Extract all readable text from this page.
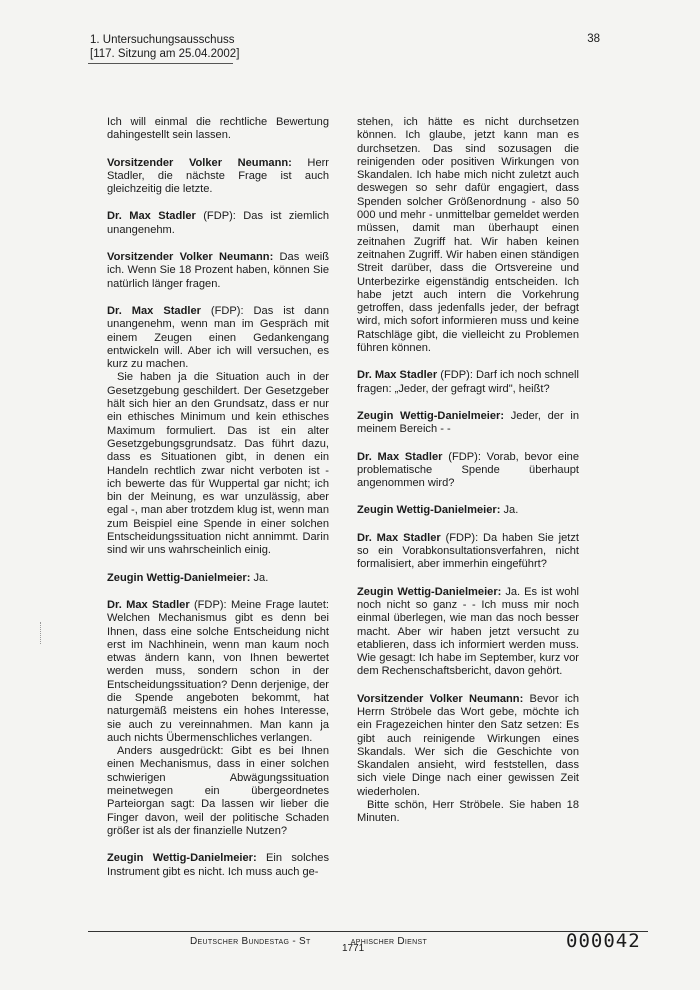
1. Untersuchungsausschuss
[117. Sitzung am 25.04.2002]
38

Ich will einmal die rechtliche Bewertung dahingestellt sein lassen.

Vorsitzender Volker Neumann: Herr Stadler, die nächste Frage ist auch gleichzeitig die letzte.

Dr. Max Stadler (FDP): Das ist ziemlich unangenehm.

Vorsitzender Volker Neumann: Das weiß ich. Wenn Sie 18 Prozent haben, können Sie natürlich länger fragen.

Dr. Max Stadler (FDP): Das ist dann unangenehm, wenn man im Gespräch mit einem Zeugen einen Gedankengang entwickeln will. Aber ich will versuchen, es kurz zu machen.

Sie haben ja die Situation auch in der Gesetzgebung geschildert. Der Gesetzgeber hält sich hier an den Grundsatz, dass er nur ein ethisches Minimum und kein ethisches Maximum formuliert. Das ist ein alter Gesetzgebungsgrundsatz. Das führt dazu, dass es Situationen gibt, in denen ein Handeln rechtlich zwar nicht verboten ist - ich bewerte das für Wuppertal gar nicht; ich bin der Meinung, es war unzulässig, aber egal -, man aber trotzdem klug ist, wenn man zum Beispiel eine Spende in einer solchen Entscheidungssituation nicht annimmt. Darin sind wir uns wahrscheinlich einig.

Zeugin Wettig-Danielmeier: Ja.

Dr. Max Stadler (FDP): Meine Frage lautet: Welchen Mechanismus gibt es denn bei Ihnen, dass eine solche Entscheidung nicht erst im Nachhinein, wenn man kaum noch etwas ändern kann, von Ihnen bewertet werden muss, sondern schon in der Entscheidungssituation? Denn derjenige, der die Spende angeboten bekommt, hat naturgemäß meistens ein hohes Interesse, sie auch zu vereinnahmen. Man kann ja auch nichts Übermenschliches verlangen.

Anders ausgedrückt: Gibt es bei Ihnen einen Mechanismus, dass in einer solchen schwierigen Abwägungssituation meinetwegen ein übergeordnetes Parteiorgan sagt: Da lassen wir lieber die Finger davon, weil der politische Schaden größer ist als der finanzielle Nutzen?

Zeugin Wettig-Danielmeier: Ein solches Instrument gibt es nicht. Ich muss auch ge-

stehen, ich hätte es nicht durchsetzen können. Ich glaube, jetzt kann man es durchsetzen. Das sind sozusagen die reinigenden oder positiven Wirkungen von Skandalen. Ich habe mich nicht zuletzt auch deswegen so sehr dafür engagiert, dass Spenden solcher Größenordnung - also 50 000 und mehr - unmittelbar gemeldet werden müssen, damit man überhaupt einen zeitnahen Zugriff hat. Wir haben keinen zeitnahen Zugriff. Wir haben einen ständigen Streit darüber, dass die Ortsvereine und Unterbezirke eigenständig entscheiden. Ich habe jetzt auch intern die Vorkehrung getroffen, dass jedenfalls jeder, der befragt wird, mich sofort informieren muss und keine Ratschläge gibt, die vielleicht zu Problemen führen können.

Dr. Max Stadler (FDP): Darf ich noch schnell fragen: „Jeder, der gefragt wird", heißt?

Zeugin Wettig-Danielmeier: Jeder, der in meinem Bereich - -

Dr. Max Stadler (FDP): Vorab, bevor eine problematische Spende überhaupt angenommen wird?

Zeugin Wettig-Danielmeier: Ja.

Dr. Max Stadler (FDP): Da haben Sie jetzt so ein Vorabkonsultationsverfahren, nicht formalisiert, aber immerhin eingeführt?

Zeugin Wettig-Danielmeier: Ja. Es ist wohl noch nicht so ganz - - Ich muss mir noch einmal überlegen, wie man das noch besser macht. Aber wir haben jetzt versucht zu etablieren, dass ich informiert werden muss. Wie gesagt: Ich habe im September, kurz vor dem Rechenschaftsbericht, davon gehört.

Vorsitzender Volker Neumann: Bevor ich Herrn Ströbele das Wort gebe, möchte ich ein Fragezeichen hinter den Satz setzen: Es gibt auch reinigende Wirkungen eines Skandals. Wer sich die Geschichte von Skandalen ansieht, wird feststellen, dass sich viele Dinge nach einer gewissen Zeit wiederholen.

Bitte schön, Herr Ströbele. Sie haben 18 Minuten.

Deutscher Bundestag - St	aphischer Dienst
1771	000042
